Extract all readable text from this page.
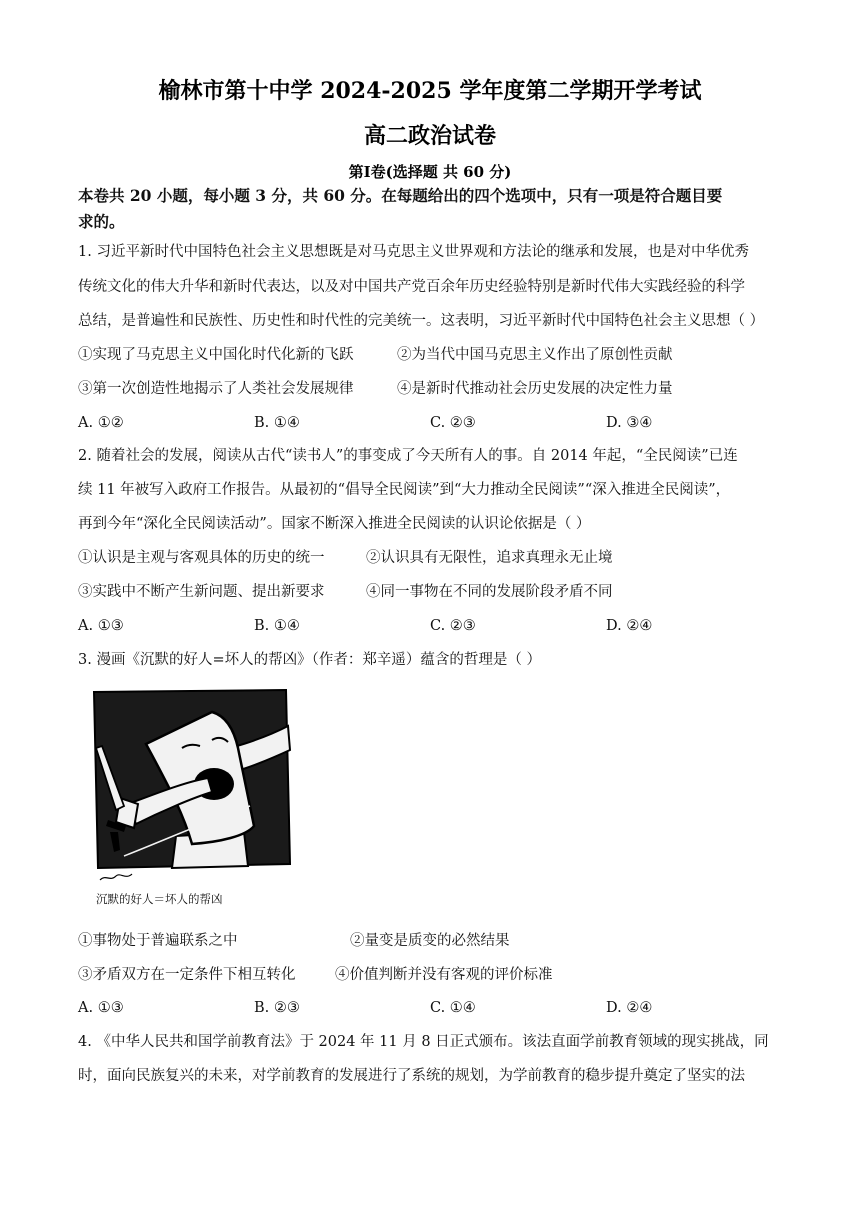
榆林市第十中学 2024-2025 学年度第二学期开学考试
高二政治试卷
第Ⅰ卷(选择题 共 60 分)
本卷共 20 小题，每小题 3 分，共 60 分。在每题给出的四个选项中，只有一项是符合题目要
求的。
1. 习近平新时代中国特色社会主义思想既是对马克思主义世界观和方法论的继承和发展，也是对中华优秀
传统文化的伟大升华和新时代表达，以及对中国共产党百余年历史经验特别是新时代伟大实践经验的科学
总结，是普遍性和民族性、历史性和时代性的完美统一。这表明，习近平新时代中国特色社会主义思想（ ）
①实现了马克思主义中国化时代化新的飞跃	②为当代中国马克思主义作出了原创性贡献
③第一次创造性地揭示了人类社会发展规律	④是新时代推动社会历史发展的决定性力量
A. ①②	B. ①④	C. ②③	D. ③④
2. 随着社会的发展，阅读从古代“读书人”的事变成了今天所有人的事。自 2014 年起，“全民阅读”已连
续 11 年被写入政府工作报告。从最初的“倡导全民阅读”到“大力推动全民阅读”“深入推进全民阅读”，
再到今年“深化全民阅读活动”。国家不断深入推进全民阅读的认识论依据是（ ）
①认识是主观与客观具体的历史的统一	②认识具有无限性，追求真理永无止境
③实践中不断产生新问题、提出新要求	④同一事物在不同的发展阶段矛盾不同
A. ①③	B. ①④	C. ②③	D. ②④
3. 漫画《沉默的好人=坏人的帮凶》（作者：郑辛遥）蕴含的哲理是（ ）
沉默的好人＝坏人的帮凶
①事物处于普遍联系之中	②量变是质变的必然结果
③矛盾双方在一定条件下相互转化	④价值判断并没有客观的评价标准
A. ①③	B. ②③	C. ①④	D. ②④
4. 《中华人民共和国学前教育法》于 2024 年 11 月 8 日正式颁布。该法直面学前教育领域的现实挑战，同
时，面向民族复兴的未来，对学前教育的发展进行了系统的规划，为学前教育的稳步提升奠定了坚实的法
